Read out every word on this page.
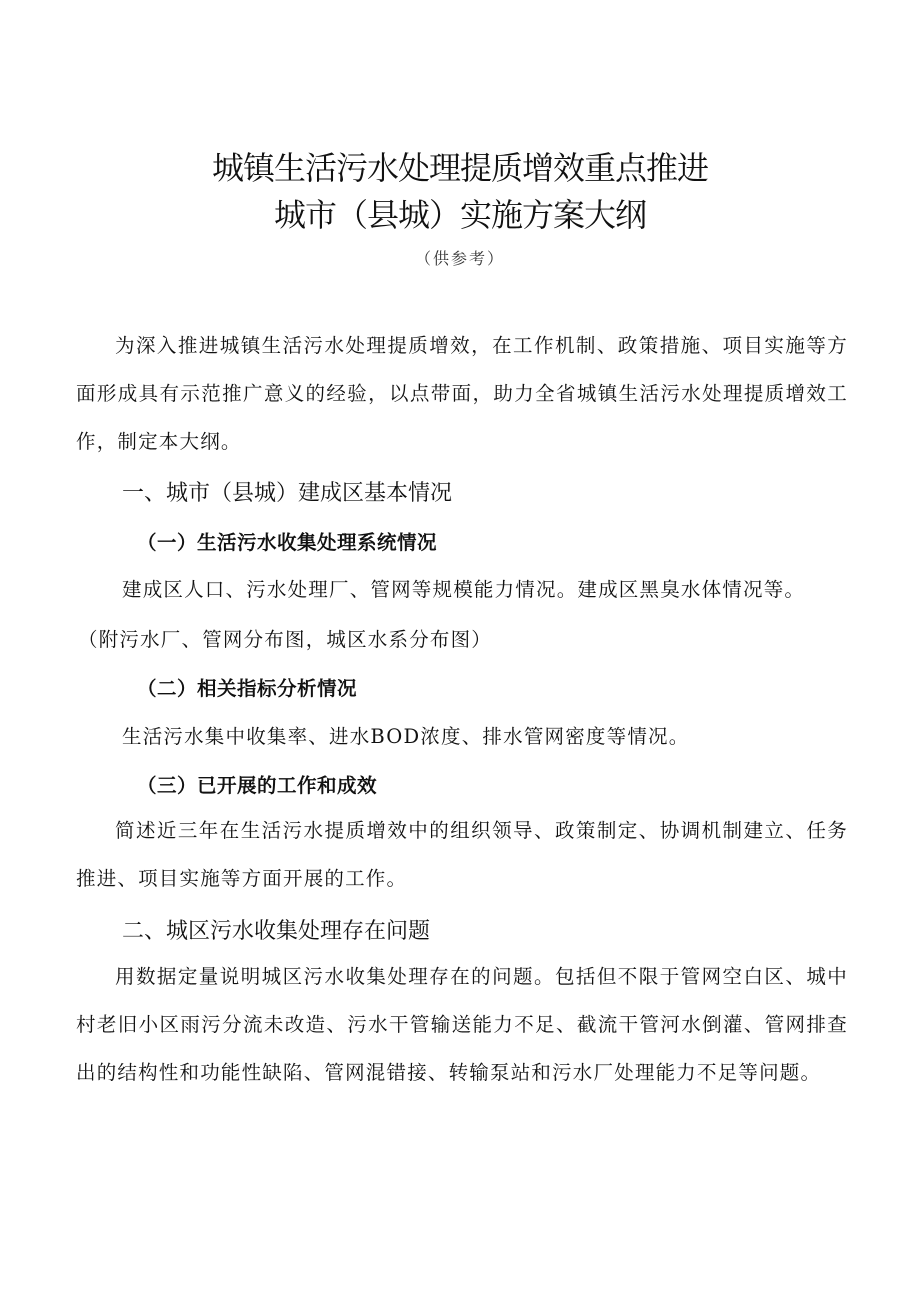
城镇生活污水处理提质增效重点推进
城市（县城）实施方案大纲
（供参考）
为深入推进城镇生活污水处理提质增效，在工作机制、政策措施、项目实施等方面形成具有示范推广意义的经验，以点带面，助力全省城镇生活污水处理提质增效工作，制定本大纲。
一、城市（县城）建成区基本情况
（一）生活污水收集处理系统情况
建成区人口、污水处理厂、管网等规模能力情况。建成区黑臭水体情况等。
（附污水厂、管网分布图，城区水系分布图）
（二）相关指标分析情况
生活污水集中收集率、进水BOD浓度、排水管网密度等情况。
（三）已开展的工作和成效
简述近三年在生活污水提质增效中的组织领导、政策制定、协调机制建立、任务推进、项目实施等方面开展的工作。
二、城区污水收集处理存在问题
用数据定量说明城区污水收集处理存在的问题。包括但不限于管网空白区、城中村老旧小区雨污分流未改造、污水干管输送能力不足、截流干管河水倒灌、管网排查出的结构性和功能性缺陷、管网混错接、转输泵站和污水厂处理能力不足等问题。
